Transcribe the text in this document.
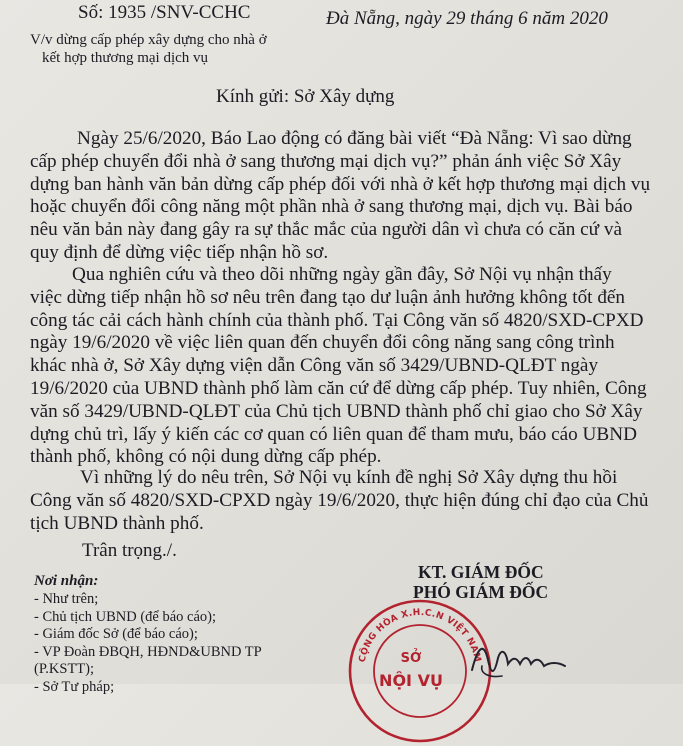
Số: 1935 /SNV-CCHC	Đà Nẵng, ngày 29 tháng 6 năm 2020
V/v dừng cấp phép xây dựng cho nhà ở
kết hợp thương mại dịch vụ
Kính gửi: Sở Xây dựng
Ngày 25/6/2020, Báo Lao động có đăng bài viết “Đà Nẵng: Vì sao dừng
cấp phép chuyển đổi nhà ở sang thương mại dịch vụ?” phản ánh việc Sở Xây
dựng ban hành văn bản dừng cấp phép đối với nhà ở kết hợp thương mại dịch vụ
hoặc chuyển đổi công năng một phần nhà ở sang thương mại, dịch vụ. Bài báo
nêu văn bản này đang gây ra sự thắc mắc của người dân vì chưa có căn cứ và
quy định để dừng việc tiếp nhận hồ sơ.
Qua nghiên cứu và theo dõi những ngày gần đây, Sở Nội vụ nhận thấy
việc dừng tiếp nhận hồ sơ nêu trên đang tạo dư luận ảnh hưởng không tốt đến
công tác cải cách hành chính của thành phố. Tại Công văn số 4820/SXD-CPXD
ngày 19/6/2020 về việc liên quan đến chuyển đổi công năng sang công trình
khác nhà ở, Sở Xây dựng viện dẫn Công văn số 3429/UBND-QLĐT ngày
19/6/2020 của UBND thành phố làm căn cứ để dừng cấp phép. Tuy nhiên, Công
văn số 3429/UBND-QLĐT của Chủ tịch UBND thành phố chỉ giao cho Sở Xây
dựng chủ trì, lấy ý kiến các cơ quan có liên quan để tham mưu, báo cáo UBND
thành phố, không có nội dung dừng cấp phép.
Vì những lý do nêu trên, Sở Nội vụ kính đề nghị Sở Xây dựng thu hồi
Công văn số 4820/SXD-CPXD ngày 19/6/2020, thực hiện đúng chỉ đạo của Chủ
tịch UBND thành phố.
Trân trọng./.
Nơi nhận:
- Như trên;
- Chủ tịch UBND (để báo cáo);
- Giám đốc Sở (để báo cáo);
- VP Đoàn ĐBQH, HĐND&UBND TP
(P.KSTT);
- Sở Tư pháp;
KT. GIÁM ĐỐC
PHÓ GIÁM ĐỐC
CỘNG HÒA X.H.C.N VIỆT NAM
SỞ
NỘI VỤ
